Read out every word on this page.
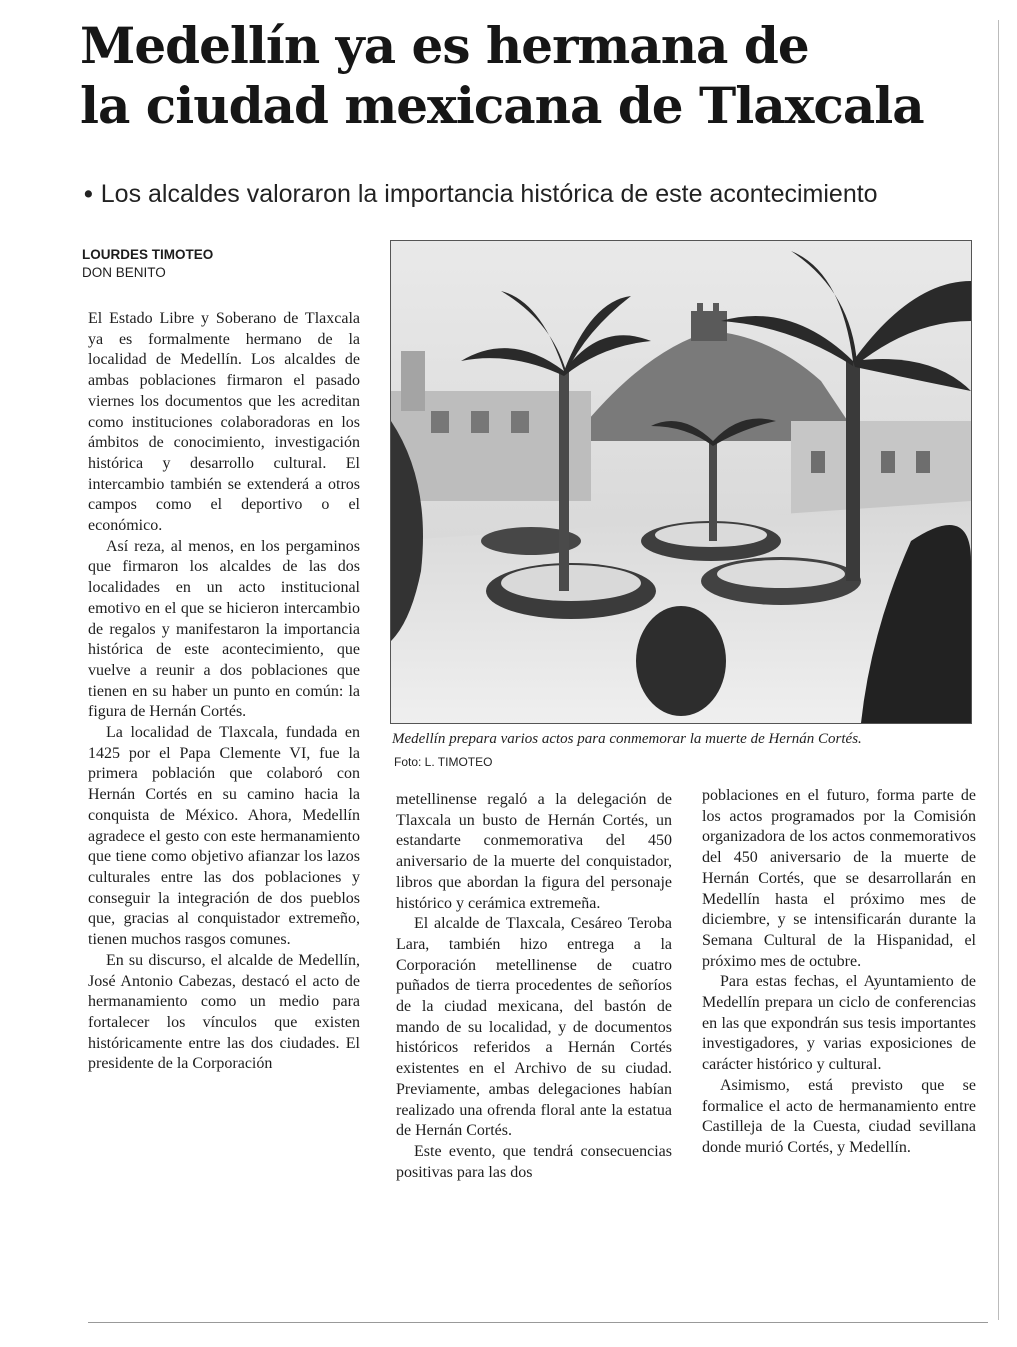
Medellín ya es hermana de
la ciudad mexicana de Tlaxcala
• Los alcaldes valoraron la importancia histórica de este acontecimiento
LOURDES TIMOTEO
DON BENITO

El Estado Libre y Soberano de Tlaxcala ya es formalmente hermano de la localidad de Medellín. Los alcaldes de ambas poblaciones firmaron el pasado viernes los documentos que les acreditan como instituciones colaboradoras en los ámbitos de conocimiento, investigación histórica y desarrollo cultural. El intercambio también se extenderá a otros campos como el deportivo o el económico.

Así reza, al menos, en los pergaminos que firmaron los alcaldes de las dos localidades en un acto institucional emotivo en el que se hicieron intercambio de regalos y manifestaron la importancia histórica de este acontecimiento, que vuelve a reunir a dos poblaciones que tienen en su haber un punto en común: la figura de Hernán Cortés.

La localidad de Tlaxcala, fundada en 1425 por el Papa Clemente VI, fue la primera población que colaboró con Hernán Cortés en su camino hacia la conquista de México. Ahora, Medellín agradece el gesto con este hermanamiento que tiene como objetivo afianzar los lazos culturales entre las dos poblaciones y conseguir la integración de dos pueblos que, gracias al conquistador extremeño, tienen muchos rasgos comunes.

En su discurso, el alcalde de Medellín, José Antonio Cabezas, destacó el acto de hermanamiento como un medio para fortalecer los vínculos que existen históricamente entre las dos ciudades. El presidente de la Corporación

Medellín prepara varios actos para conmemorar la muerte de Hernán Cortés.
Foto: L. TIMOTEO

metellinense regaló a la delegación de Tlaxcala un busto de Hernán Cortés, un estandarte conmemorativa del 450 aniversario de la muerte del conquistador, libros que abordan la figura del personaje histórico y cerámica extremeña.

El alcalde de Tlaxcala, Cesáreo Teroba Lara, también hizo entrega a la Corporación metellinense de cuatro puñados de tierra procedentes de señoríos de la ciudad mexicana, del bastón de mando de su localidad, y de documentos históricos referidos a Hernán Cortés existentes en el Archivo de su ciudad. Previamente, ambas delegaciones habían realizado una ofrenda floral ante la estatua de Hernán Cortés.

Este evento, que tendrá consecuencias positivas para las dos

poblaciones en el futuro, forma parte de los actos programados por la Comisión organizadora de los actos conmemorativos del 450 aniversario de la muerte de Hernán Cortés, que se desarrollarán en Medellín hasta el próximo mes de diciembre, y se intensificarán durante la Semana Cultural de la Hispanidad, el próximo mes de octubre.

Para estas fechas, el Ayuntamiento de Medellín prepara un ciclo de conferencias en las que expondrán sus tesis importantes investigadores, y varias exposiciones de carácter histórico y cultural.

Asimismo, está previsto que se formalice el acto de hermanamiento entre Castilleja de la Cuesta, ciudad sevillana donde murió Cortés, y Medellín.
